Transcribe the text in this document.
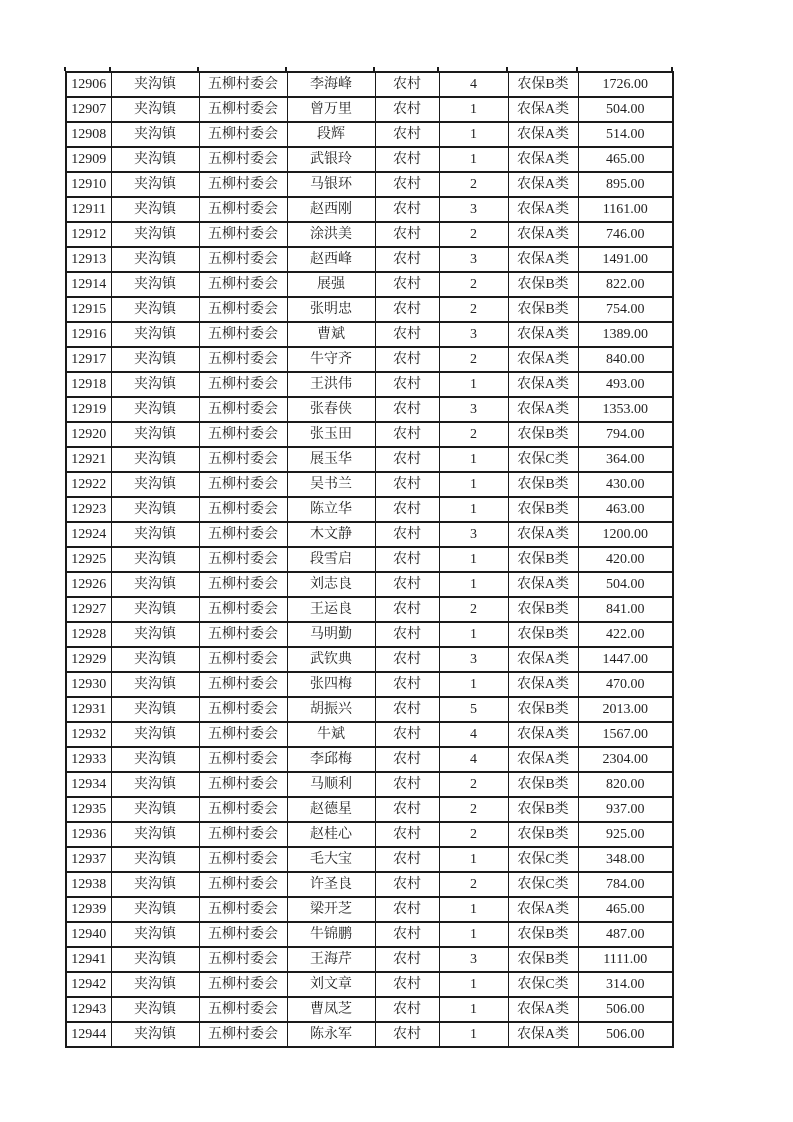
12906	夹沟镇	五柳村委会	李海峰	农村	4	农保B类	1726.00
12907	夹沟镇	五柳村委会	曾万里	农村	1	农保A类	504.00
12908	夹沟镇	五柳村委会	段辉	农村	1	农保A类	514.00
12909	夹沟镇	五柳村委会	武银玲	农村	1	农保A类	465.00
12910	夹沟镇	五柳村委会	马银环	农村	2	农保A类	895.00
12911	夹沟镇	五柳村委会	赵西刚	农村	3	农保A类	1161.00
12912	夹沟镇	五柳村委会	涂洪美	农村	2	农保A类	746.00
12913	夹沟镇	五柳村委会	赵西峰	农村	3	农保A类	1491.00
12914	夹沟镇	五柳村委会	展强	农村	2	农保B类	822.00
12915	夹沟镇	五柳村委会	张明忠	农村	2	农保B类	754.00
12916	夹沟镇	五柳村委会	曹斌	农村	3	农保A类	1389.00
12917	夹沟镇	五柳村委会	牛守齐	农村	2	农保A类	840.00
12918	夹沟镇	五柳村委会	王洪伟	农村	1	农保A类	493.00
12919	夹沟镇	五柳村委会	张春侠	农村	3	农保A类	1353.00
12920	夹沟镇	五柳村委会	张玉田	农村	2	农保B类	794.00
12921	夹沟镇	五柳村委会	展玉华	农村	1	农保C类	364.00
12922	夹沟镇	五柳村委会	吴书兰	农村	1	农保B类	430.00
12923	夹沟镇	五柳村委会	陈立华	农村	1	农保B类	463.00
12924	夹沟镇	五柳村委会	木文静	农村	3	农保A类	1200.00
12925	夹沟镇	五柳村委会	段雪启	农村	1	农保B类	420.00
12926	夹沟镇	五柳村委会	刘志良	农村	1	农保A类	504.00
12927	夹沟镇	五柳村委会	王运良	农村	2	农保B类	841.00
12928	夹沟镇	五柳村委会	马明勤	农村	1	农保B类	422.00
12929	夹沟镇	五柳村委会	武钦典	农村	3	农保A类	1447.00
12930	夹沟镇	五柳村委会	张四梅	农村	1	农保A类	470.00
12931	夹沟镇	五柳村委会	胡振兴	农村	5	农保B类	2013.00
12932	夹沟镇	五柳村委会	牛斌	农村	4	农保A类	1567.00
12933	夹沟镇	五柳村委会	李邱梅	农村	4	农保A类	2304.00
12934	夹沟镇	五柳村委会	马顺利	农村	2	农保B类	820.00
12935	夹沟镇	五柳村委会	赵德星	农村	2	农保B类	937.00
12936	夹沟镇	五柳村委会	赵桂心	农村	2	农保B类	925.00
12937	夹沟镇	五柳村委会	毛大宝	农村	1	农保C类	348.00
12938	夹沟镇	五柳村委会	许圣良	农村	2	农保C类	784.00
12939	夹沟镇	五柳村委会	梁开芝	农村	1	农保A类	465.00
12940	夹沟镇	五柳村委会	牛锦鹏	农村	1	农保B类	487.00
12941	夹沟镇	五柳村委会	王海芹	农村	3	农保B类	1111.00
12942	夹沟镇	五柳村委会	刘文章	农村	1	农保C类	314.00
12943	夹沟镇	五柳村委会	曹凤芝	农村	1	农保A类	506.00
12944	夹沟镇	五柳村委会	陈永军	农村	1	农保A类	506.00
